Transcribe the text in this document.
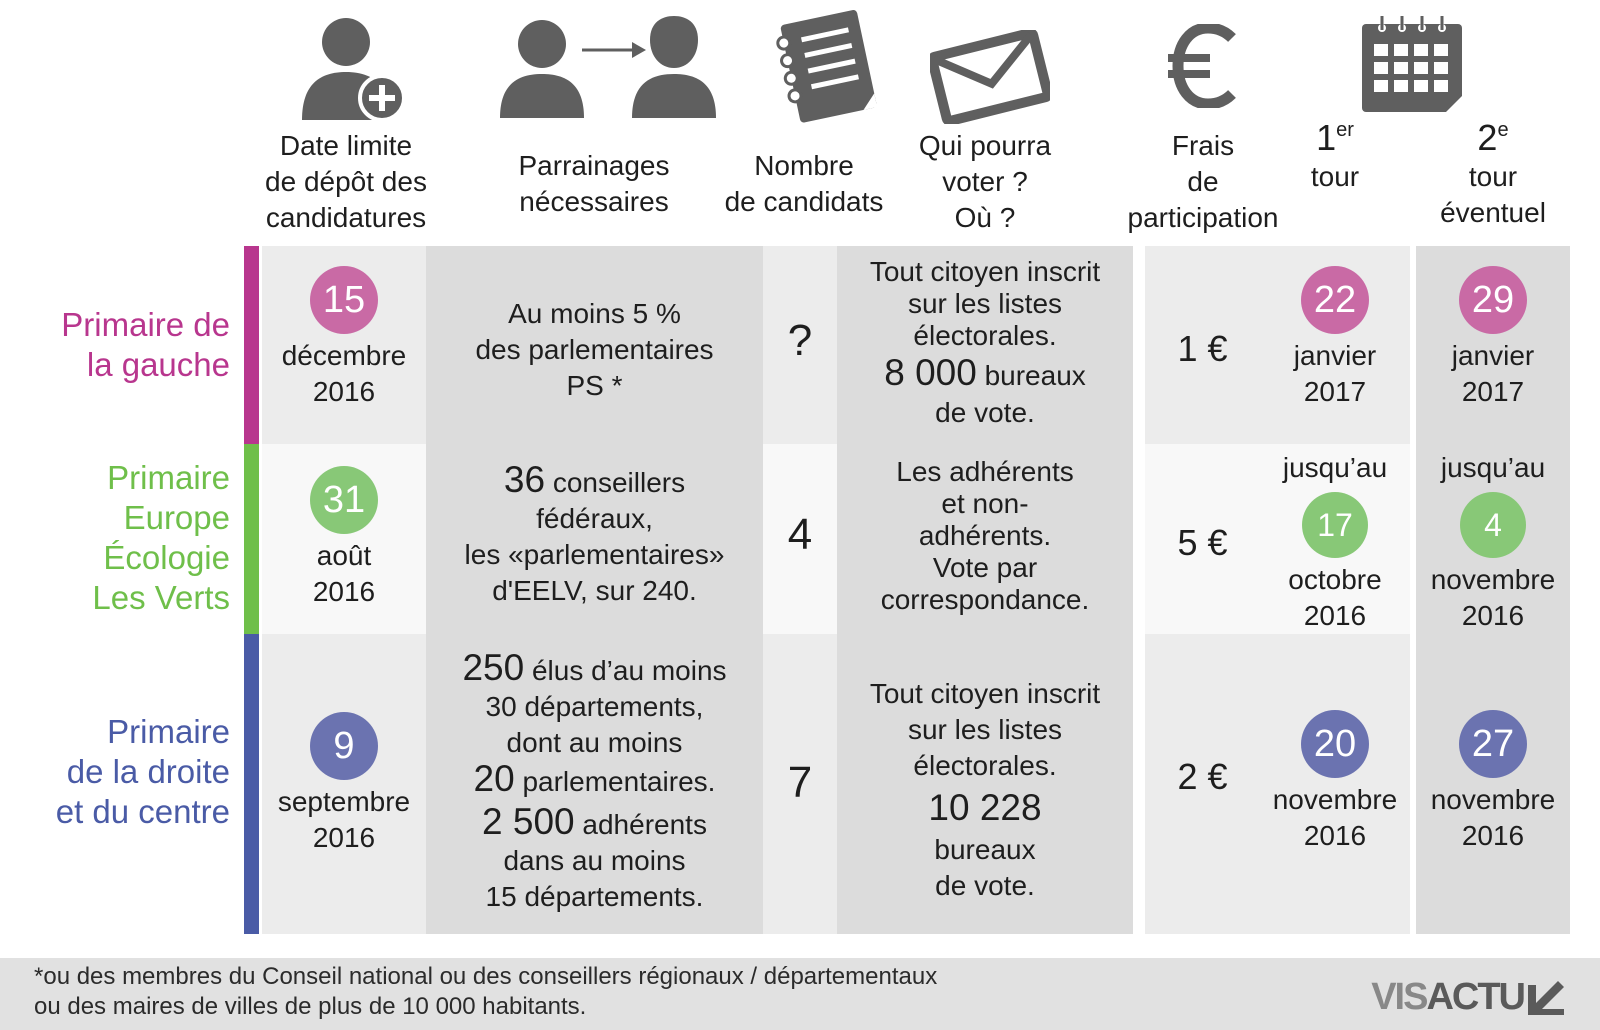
Date limite
de dépôt des
candidatures
Parrainages
nécessaires
Nombre
de candidats
Qui pourra
voter ?
Où ?
Frais
de
participation
1er
tour
2e
tour
éventuel
Primaire de
la gauche
Primaire
Europe
Écologie
Les Verts
Primaire
de la droite
et du centre
15
décembre
2016
Au moins 5 %
des parlementaires
PS *
?
Tout citoyen inscrit
sur les listes
électorales.
8 000 bureaux
de vote.
1 €
22
janvier
2017
29
janvier
2017
31
août
2016
36 conseillers
fédéraux,
les «parlementaires»
d'EELV, sur 240.
4
Les adhérents
et non-
adhérents.
Vote par
correspondance.
5 €
jusqu’au
17
octobre
2016
jusqu’au
4
novembre
2016
9
septembre
2016
250 élus d’au moins
30 départements,
dont au moins
20 parlementaires.
2 500 adhérents
dans au moins
15 départements.
7
Tout citoyen inscrit
sur les listes
électorales.
10 228
bureaux
de vote.
2 €
20
novembre
2016
27
novembre
2016
*ou des membres du Conseil national ou des conseillers régionaux / départementaux
ou des maires de villes de plus de 10 000 habitants.	VIS ACTU
